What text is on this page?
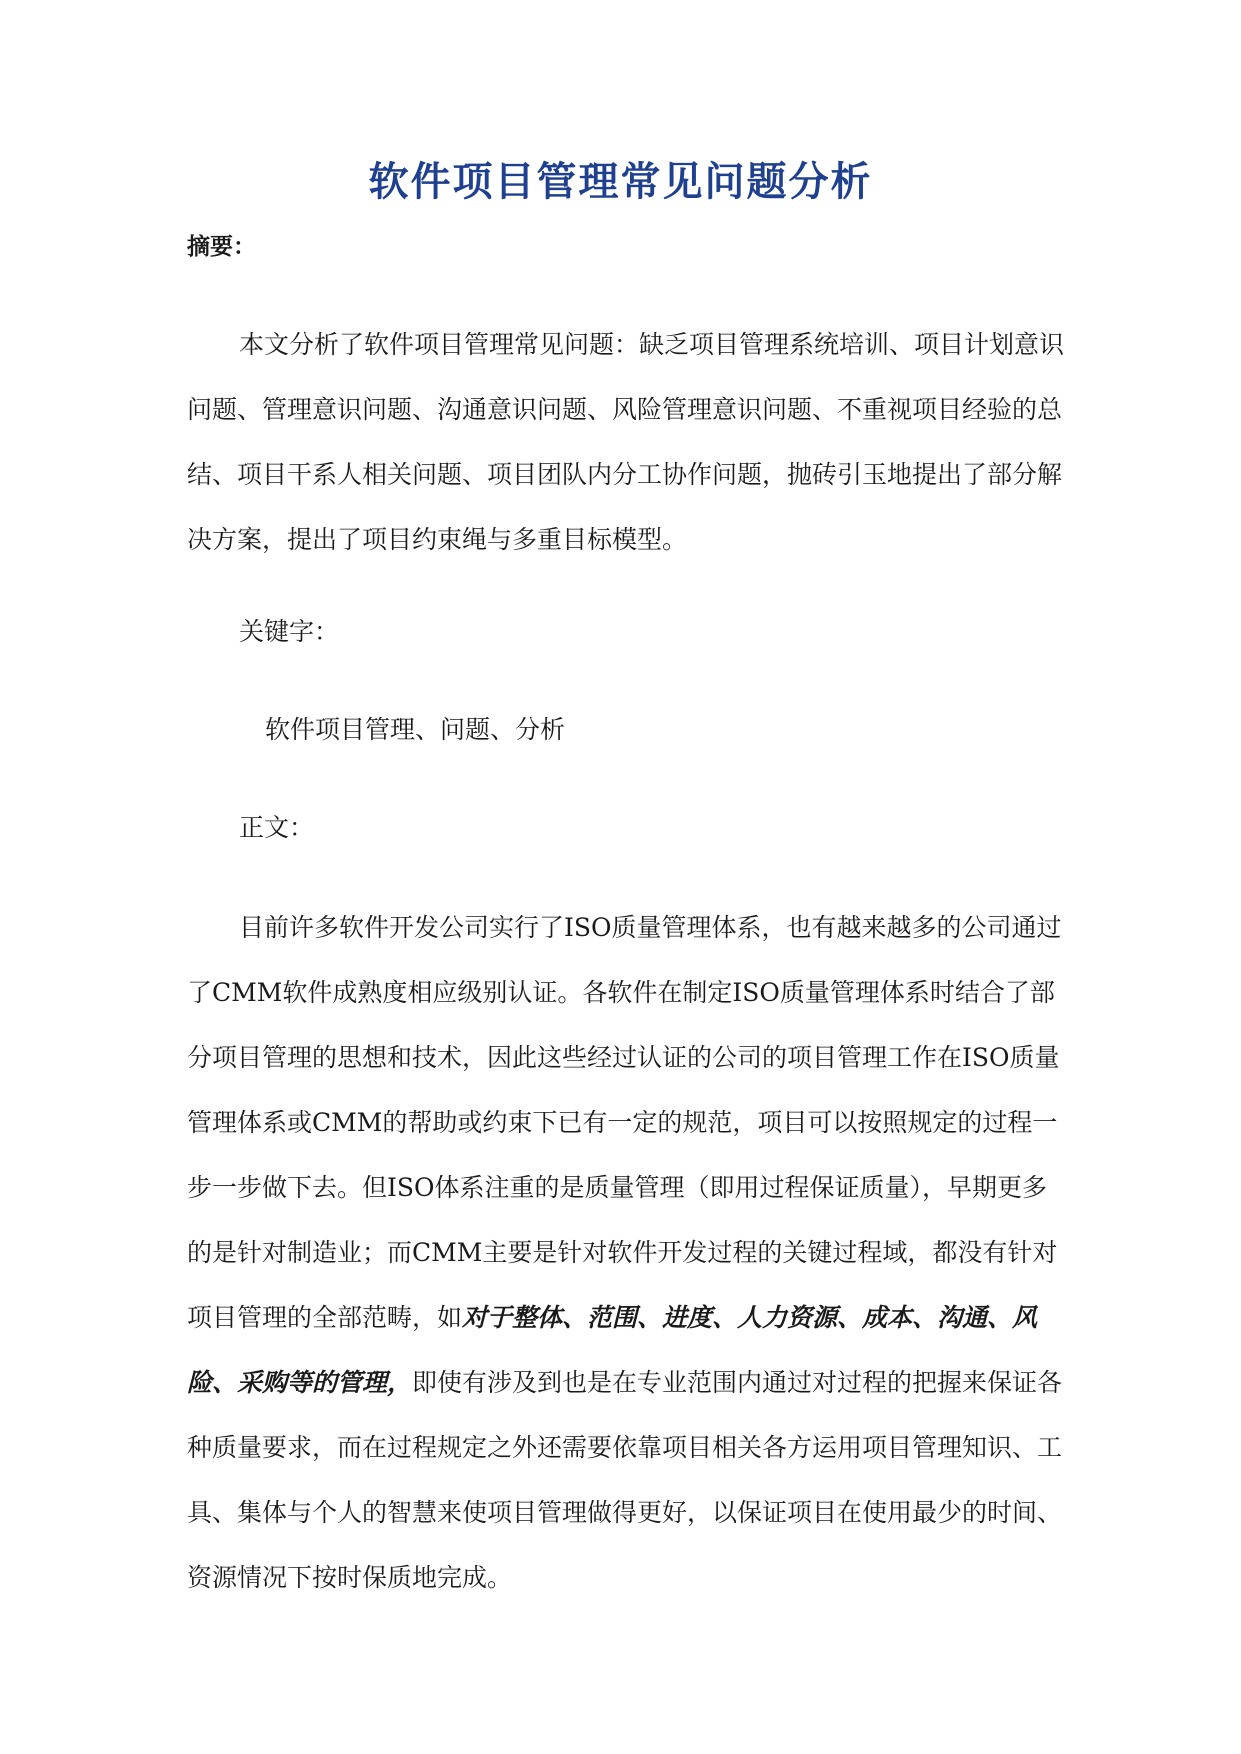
软件项目管理常见问题分析

摘要：

本文分析了软件项目管理常见问题：缺乏项目管理系统培训、项目计划意识问题、管理意识问题、沟通意识问题、风险管理意识问题、不重视项目经验的总结、项目干系人相关问题、项目团队内分工协作问题，抛砖引玉地提出了部分解决方案，提出了项目约束绳与多重目标模型。

关键字：

软件项目管理、问题、分析

正文：

目前许多软件开发公司实行了ISO质量管理体系，也有越来越多的公司通过了CMM软件成熟度相应级别认证。各软件在制定ISO质量管理体系时结合了部分项目管理的思想和技术，因此这些经过认证的公司的项目管理工作在ISO质量管理体系或CMM的帮助或约束下已有一定的规范，项目可以按照规定的过程一步一步做下去。但ISO体系注重的是质量管理（即用过程保证质量），早期更多的是针对制造业；而CMM主要是针对软件开发过程的关键过程域，都没有针对项目管理的全部范畴，如对于整体、范围、进度、人力资源、成本、沟通、风险、采购等的管理，即使有涉及到也是在专业范围内通过对过程的把握来保证各种质量要求，而在过程规定之外还需要依靠项目相关各方运用项目管理知识、工具、集体与个人的智慧来使项目管理做得更好，以保证项目在使用最少的时间、资源情况下按时保质地完成。
